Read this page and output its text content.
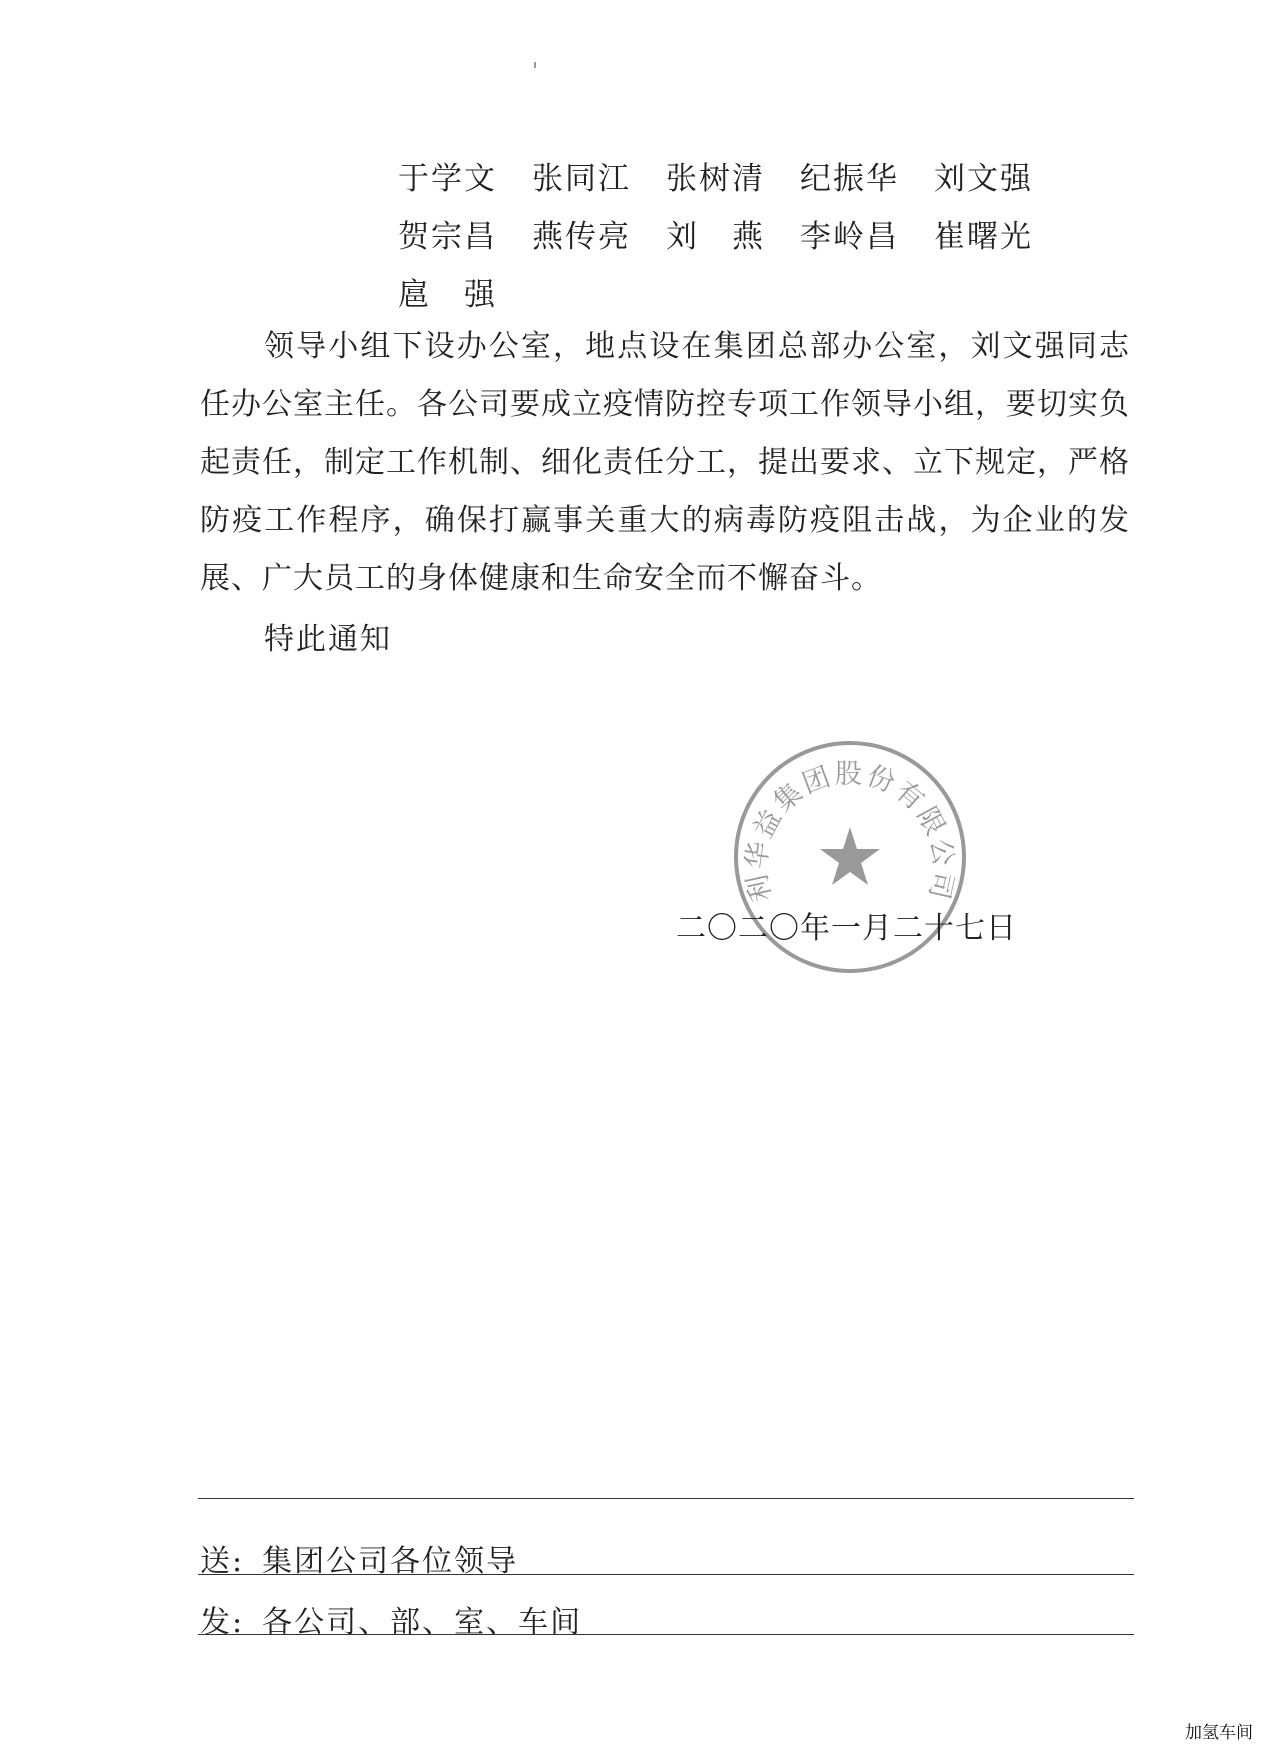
于学文	张同江	张树清	纪振华	刘文强
贺宗昌	燕传亮	刘　燕	李岭昌	崔曙光
扈　强

领导小组下设办公室，地点设在集团总部办公室，刘文强同志任办公室主任。各公司要成立疫情防控专项工作领导小组，要切实负起责任，制定工作机制、细化责任分工，提出要求、立下规定，严格防疫工作程序，确保打赢事关重大的病毒防疫阻击战，为企业的发展、广大员工的身体健康和生命安全而不懈奋斗。

特此通知
利华益集团股份有限公司
二〇二〇年一月二十七日
送: 集团公司各位领导
发: 各公司、部、室、车间
加氢车间
